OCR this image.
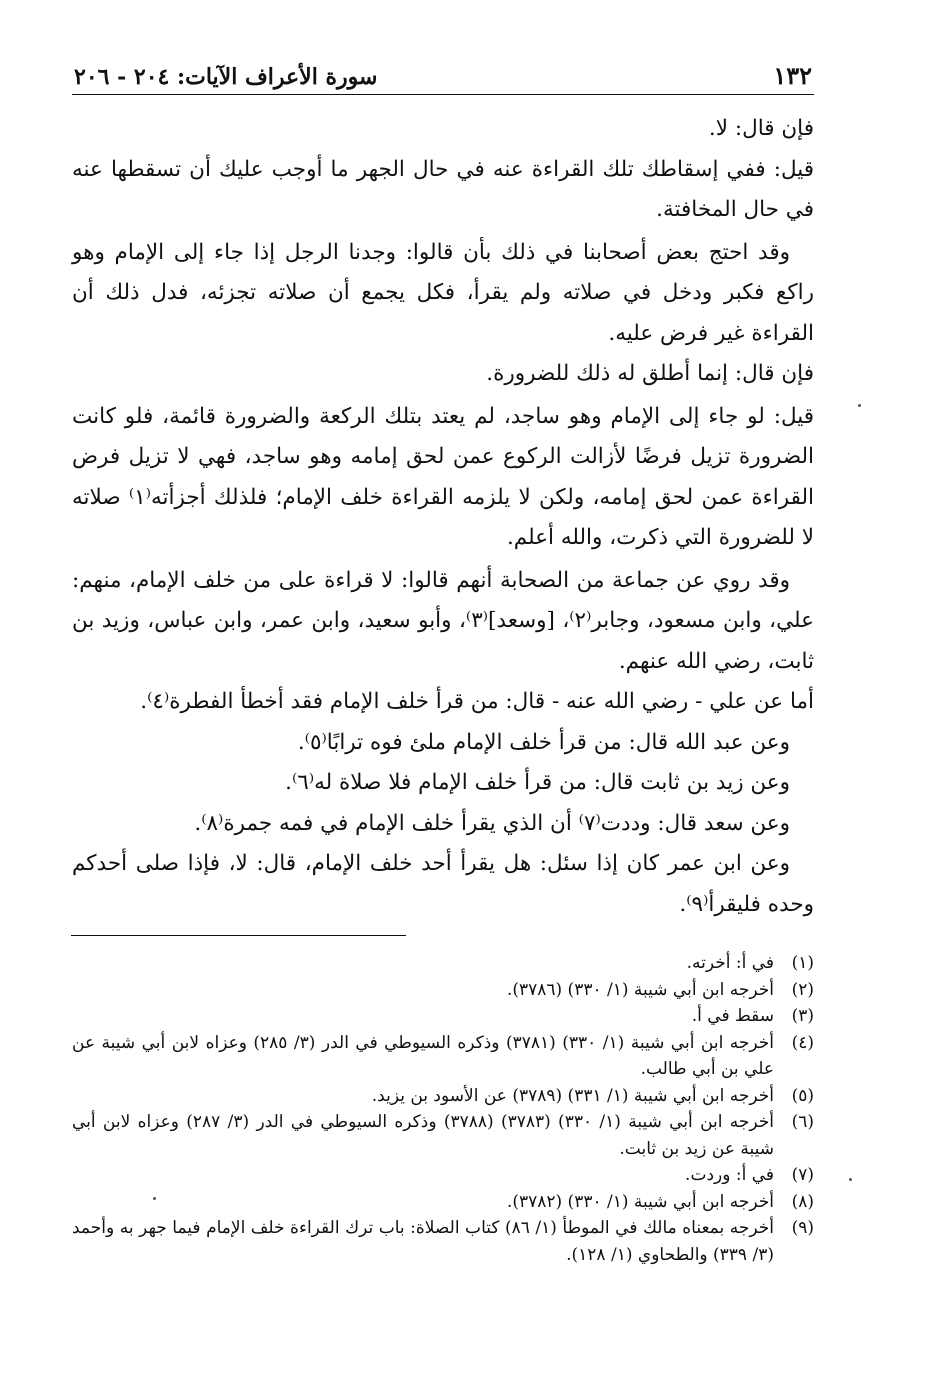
١٣٢
سورة الأعراف الآيات: ٢٠٤ - ٢٠٦

فإن قال: لا.

قيل: ففي إسقاطك تلك القراءة عنه في حال الجهر ما أوجب عليك أن تسقطها عنه في حال المخافتة.

وقد احتج بعض أصحابنا في ذلك بأن قالوا: وجدنا الرجل إذا جاء إلى الإمام وهو راكع فكبر ودخل في صلاته ولم يقرأ، فكل يجمع أن صلاته تجزئه، فدل ذلك أن القراءة غير فرض عليه.

فإن قال: إنما أطلق له ذلك للضرورة.

قيل: لو جاء إلى الإمام وهو ساجد، لم يعتد بتلك الركعة والضرورة قائمة، فلو كانت الضرورة تزيل فرضًا لأزالت الركوع عمن لحق إمامه وهو ساجد، فهي لا تزيل فرض القراءة عمن لحق إمامه، ولكن لا يلزمه القراءة خلف الإمام؛ فلذلك أجزأته⁽١⁾ صلاته لا للضرورة التي ذكرت، والله أعلم.

وقد روي عن جماعة من الصحابة أنهم قالوا: لا قراءة على من خلف الإمام، منهم: علي، وابن مسعود، وجابر⁽٢⁾، [وسعد]⁽٣⁾، وأبو سعيد، وابن عمر، وابن عباس، وزيد بن ثابت، رضي الله عنهم.

أما عن علي - رضي الله عنه - قال: من قرأ خلف الإمام فقد أخطأ الفطرة⁽٤⁾.

وعن عبد الله قال: من قرأ خلف الإمام ملئ فوه ترابًا⁽٥⁾.

وعن زيد بن ثابت قال: من قرأ خلف الإمام فلا صلاة له⁽٦⁾.

وعن سعد قال: وددت⁽٧⁾ أن الذي يقرأ خلف الإمام في فمه جمرة⁽٨⁾.

وعن ابن عمر كان إذا سئل: هل يقرأ أحد خلف الإمام، قال: لا، فإذا صلى أحدكم وحده فليقرأ⁽٩⁾.

(١)
في أ: أخرته.
(٢)
أخرجه ابن أبي شيبة (١/ ٣٣٠) (٣٧٨٦).
(٣)
سقط في أ.
(٤)
أخرجه ابن أبي شيبة (١/ ٣٣٠) (٣٧٨١) وذكره السيوطي في الدر (٣/ ٢٨٥) وعزاه لابن أبي شيبة عن علي بن أبي طالب.
(٥)
أخرجه ابن أبي شيبة (١/ ٣٣١) (٣٧٨٩) عن الأسود بن يزيد.
(٦)
أخرجه ابن أبي شيبة (١/ ٣٣٠) (٣٧٨٣) (٣٧٨٨) وذكره السيوطي في الدر (٣/ ٢٨٧) وعزاه لابن أبي شيبة عن زيد بن ثابت.
(٧)
في أ: وردت.
(٨)
أخرجه ابن أبي شيبة (١/ ٣٣٠) (٣٧٨٢).
(٩)
أخرجه بمعناه مالك في الموطأ (١/ ٨٦) كتاب الصلاة: باب ترك القراءة خلف الإمام فيما جهر به وأحمد (٣/ ٣٣٩) والطحاوي (١/ ١٢٨).
